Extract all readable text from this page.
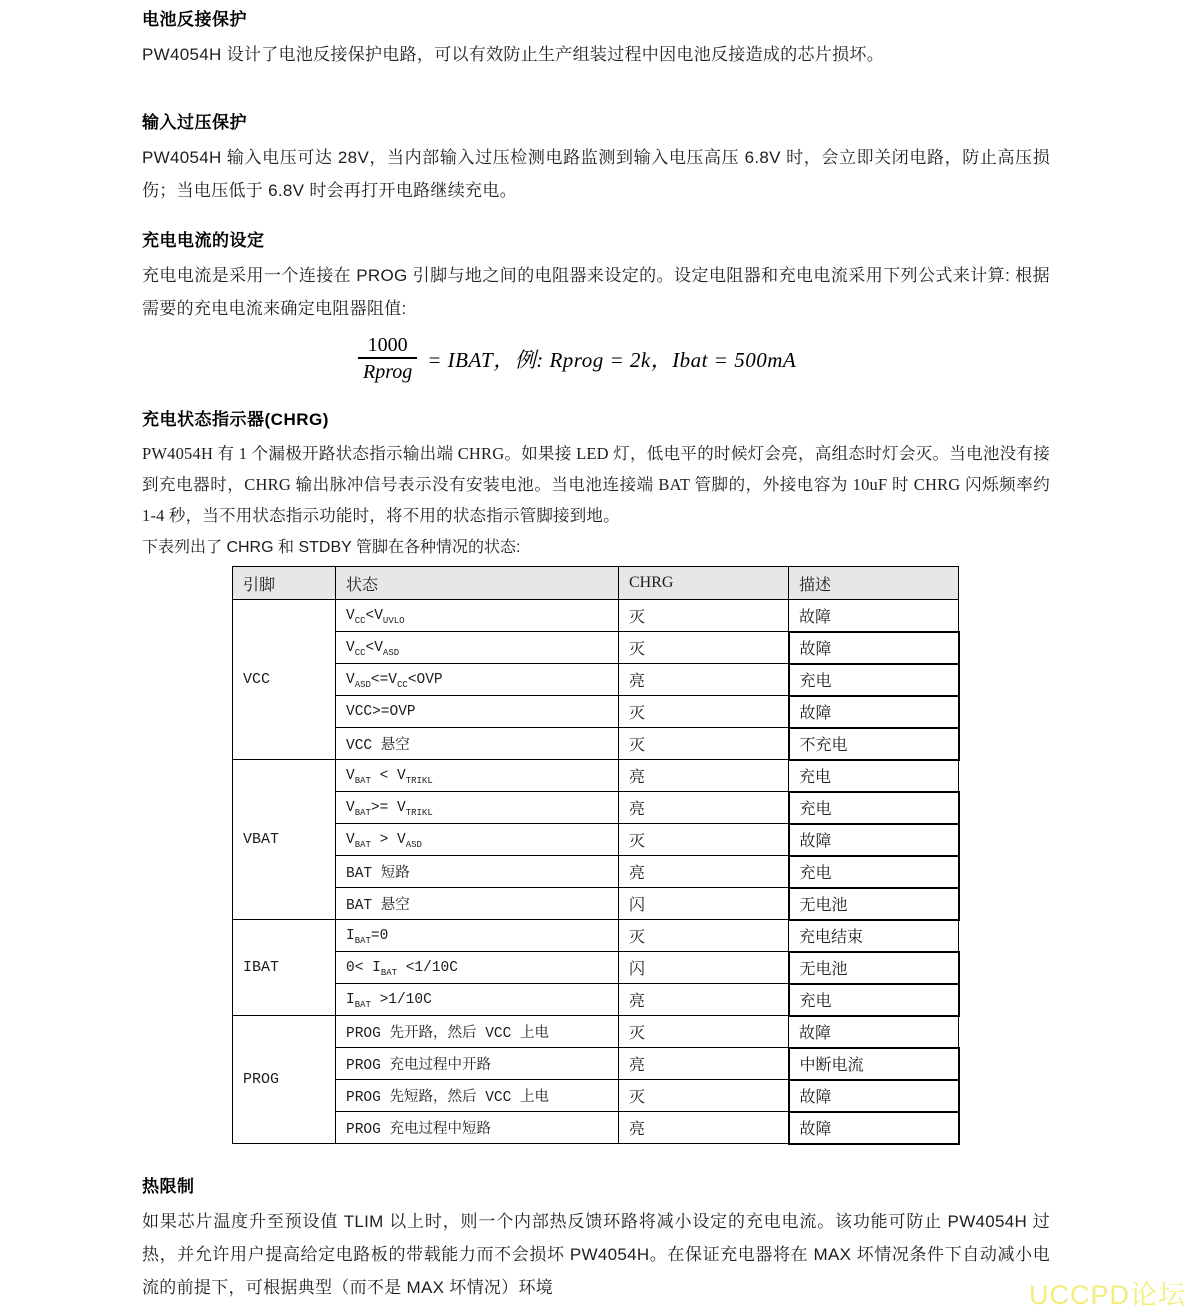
电池反接保护

PW4054H 设计了电池反接保护电路，可以有效防止生产组装过程中因电池反接造成的芯片损坏。

输入过压保护

PW4054H 输入电压可达 28V，当内部输入过压检测电路监测到输入电压高压 6.8V 时，会立即关闭电路，防止高压损伤；当电压低于 6.8V 时会再打开电路继续充电。

充电电流的设定

充电电流是采用一个连接在 PROG 引脚与地之间的电阻器来设定的。设定电阻器和充电电流采用下列公式来计算: 根据需要的充电电流来确定电阻器阻值:

$\frac{1000}{\text{Rprog}}$ = IBAT，例: Rprog = 2k，Ibat = 500mA
充电状态指示器(CHRG)

PW4054H 有 1 个漏极开路状态指示输出端 CHRG。如果接 LED 灯，低电平的时候灯会亮，高组态时灯会灭。当电池没有接到充电器时，CHRG 输出脉冲信号表示没有安装电池。当电池连接端 BAT 管脚的，外接电容为 10uF 时 CHRG 闪烁频率约 1-4 秒，当不用状态指示功能时，将不用的状态指示管脚接到地。

下表列出了 CHRG 和 STDBY 管脚在各种情况的状态:

引脚	状态	CHRG	描述
VCC	$V_{CC}<V_{UVLO}$	灭	故障
	$V_{CC}<V_{ASD}$	灭	故障
	$V_{ASD}<=V_{CC}<OVP$	亮	充电
	VCC>=OVP	灭	故障
	VCC 悬空	灭	不充电
VBAT	$V_{BAT} < V_{TRIKL}$	亮	充电
	$V_{BAT}>= V_{TRIKL}$	亮	充电
	$V_{BAT} > V_{ASD}$	灭	故障
	BAT 短路	亮	充电
	BAT 悬空	闪	无电池
IBAT	$I_{BAT}=0$	灭	充电结束
	$0< I_{BAT} <1/10C$	闪	无电池
	$I_{BAT} >1/10C$	亮	充电
PROG	PROG 先开路，然后 VCC 上电	灭	故障
	PROG 充电过程中开路	亮	中断电流
	PROG 先短路，然后 VCC 上电	灭	故障
	PROG 充电过程中短路	亮	故障
热限制

如果芯片温度升至预设值 TLIM 以上时，则一个内部热反馈环路将减小设定的充电电流。该功能可防止 PW4054H 过热，并允许用户提高给定电路板的带载能力而不会损坏 PW4054H。在保证充电器将在 MAX 坏情况条件下自动减小电流的前提下，可根据典型（而不是 MAX 坏情况）环境	UCCPD论坛
